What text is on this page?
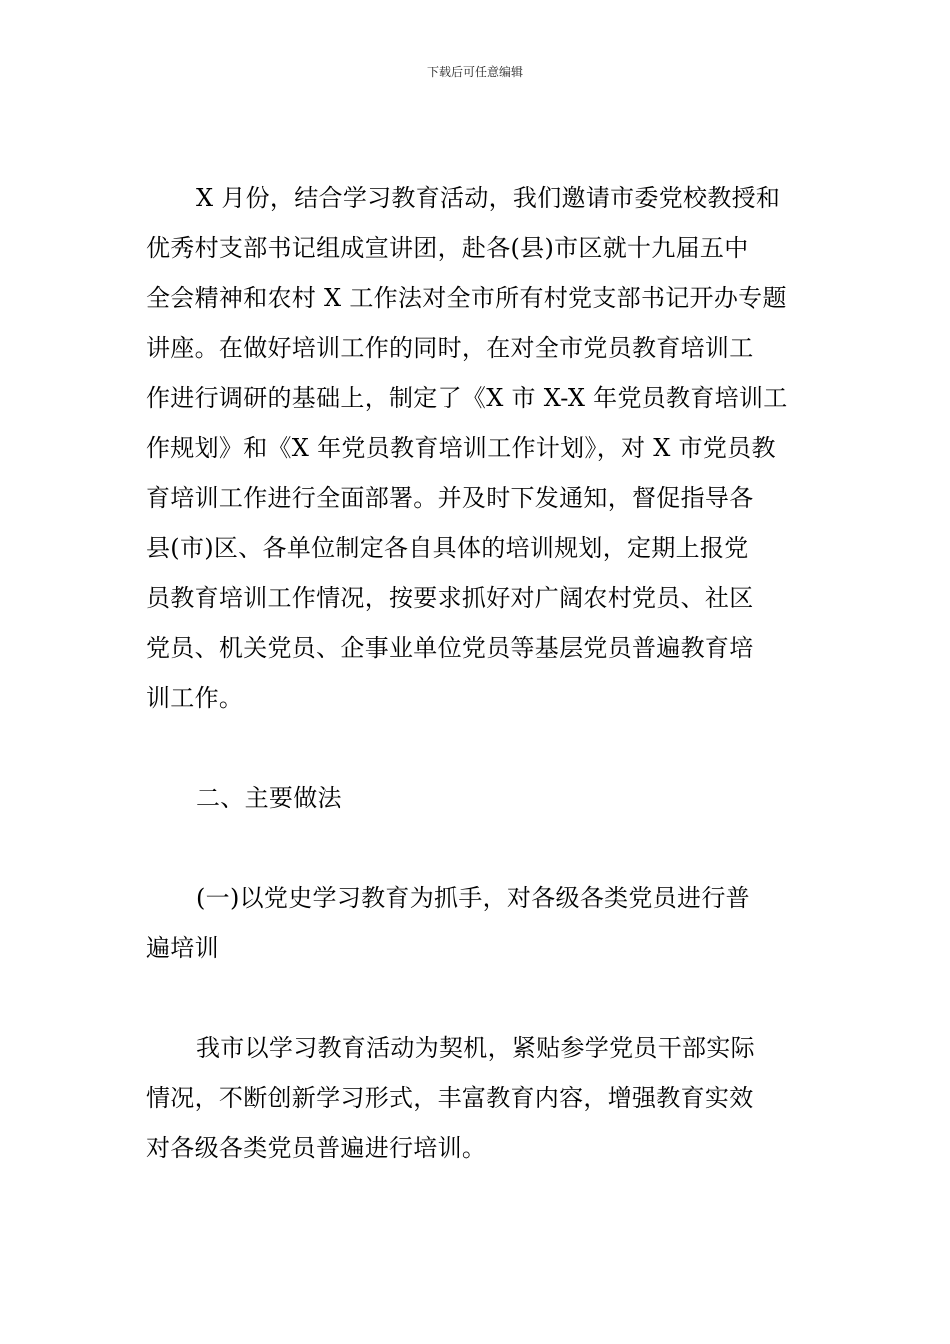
下载后可任意编辑
X 月份，结合学习教育活动，我们邀请市委党校教授和
优秀村支部书记组成宣讲团，赴各(县)市区就十九届五中
全会精神和农村 X 工作法对全市所有村党支部书记开办专题
讲座。在做好培训工作的同时，在对全市党员教育培训工
作进行调研的基础上，制定了《X 市 X-X 年党员教育培训工
作规划》和《X 年党员教育培训工作计划》，对 X 市党员教
育培训工作进行全面部署。并及时下发通知，督促指导各
县(市)区、各单位制定各自具体的培训规划，定期上报党
员教育培训工作情况，按要求抓好对广阔农村党员、社区
党员、机关党员、企事业单位党员等基层党员普遍教育培
训工作。
二、主要做法
(一)以党史学习教育为抓手，对各级各类党员进行普
遍培训
我市以学习教育活动为契机，紧贴参学党员干部实际
情况，不断创新学习形式，丰富教育内容，增强教育实效
对各级各类党员普遍进行培训。
